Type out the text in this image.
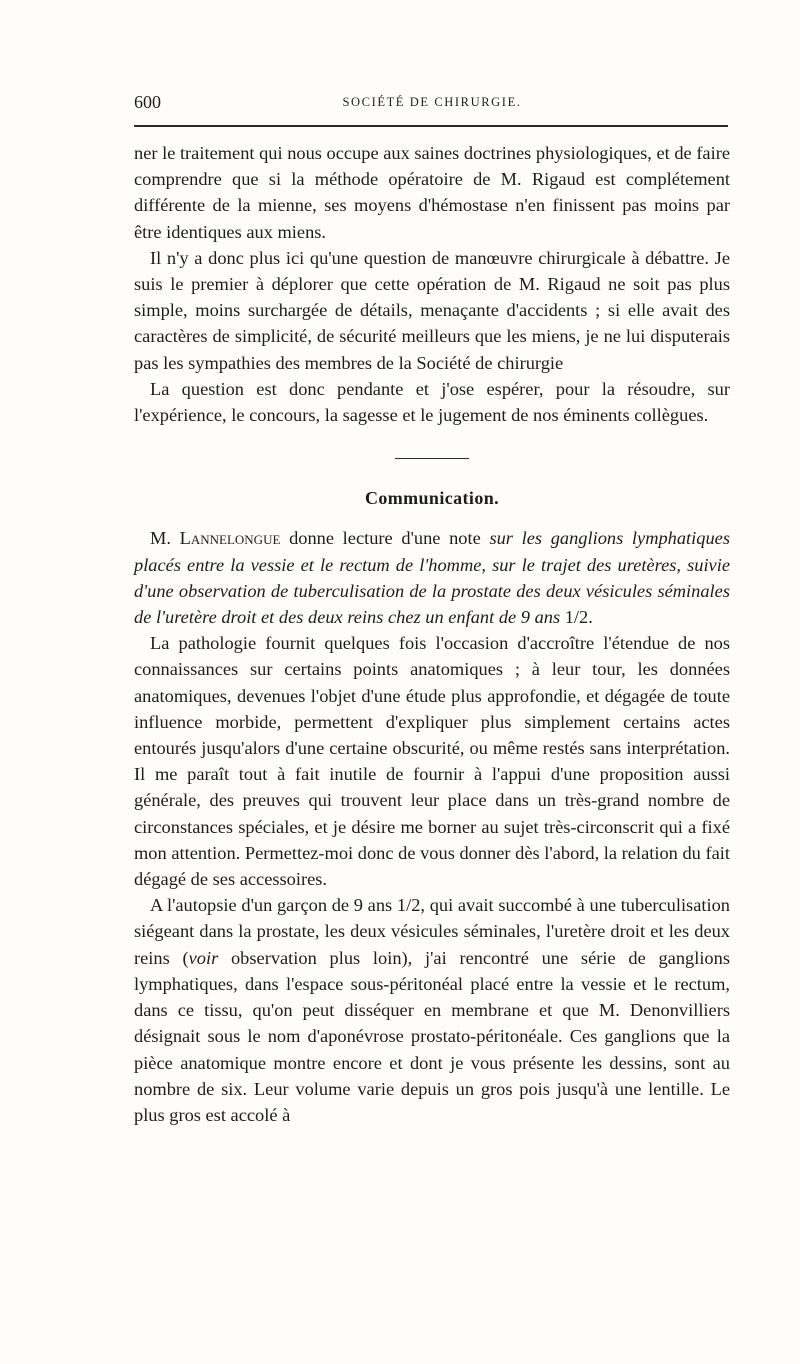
600	SOCIÉTÉ DE CHIRURGIE.

ner le traitement qui nous occupe aux saines doctrines physiologiques, et de faire comprendre que si la méthode opératoire de M. Rigaud est complétement différente de la mienne, ses moyens d'hémostase n'en finissent pas moins par être identiques aux miens.

Il n'y a donc plus ici qu'une question de manœuvre chirurgicale à débattre. Je suis le premier à déplorer que cette opération de M. Rigaud ne soit pas plus simple, moins surchargée de détails, menaçante d'accidents ; si elle avait des caractères de simplicité, de sécurité meilleurs que les miens, je ne lui disputerais pas les sympathies des membres de la Société de chirurgie

La question est donc pendante et j'ose espérer, pour la résoudre, sur l'expérience, le concours, la sagesse et le jugement de nos éminents collègues.

Communication.

M. Lannelongue donne lecture d'une note sur les ganglions lymphatiques placés entre la vessie et le rectum de l'homme, sur le trajet des uretères, suivie d'une observation de tuberculisation de la prostate des deux vésicules séminales de l'uretère droit et des deux reins chez un enfant de 9 ans 1/2.

La pathologie fournit quelques fois l'occasion d'accroître l'étendue de nos connaissances sur certains points anatomiques ; à leur tour, les données anatomiques, devenues l'objet d'une étude plus approfondie, et dégagée de toute influence morbide, permettent d'expliquer plus simplement certains actes entourés jusqu'alors d'une certaine obscurité, ou même restés sans interprétation. Il me paraît tout à fait inutile de fournir à l'appui d'une proposition aussi générale, des preuves qui trouvent leur place dans un très-grand nombre de circonstances spéciales, et je désire me borner au sujet très-circonscrit qui a fixé mon attention. Permettez-moi donc de vous donner dès l'abord, la relation du fait dégagé de ses accessoires.

A l'autopsie d'un garçon de 9 ans 1/2, qui avait succombé à une tuberculisation siégeant dans la prostate, les deux vésicules séminales, l'uretère droit et les deux reins (voir observation plus loin), j'ai rencontré une série de ganglions lymphatiques, dans l'espace sous-péritonéal placé entre la vessie et le rectum, dans ce tissu, qu'on peut disséquer en membrane et que M. Denonvilliers désignait sous le nom d'aponévrose prostato-péritonéale. Ces ganglions que la pièce anatomique montre encore et dont je vous présente les dessins, sont au nombre de six. Leur volume varie depuis un gros pois jusqu'à une lentille. Le plus gros est accolé à
